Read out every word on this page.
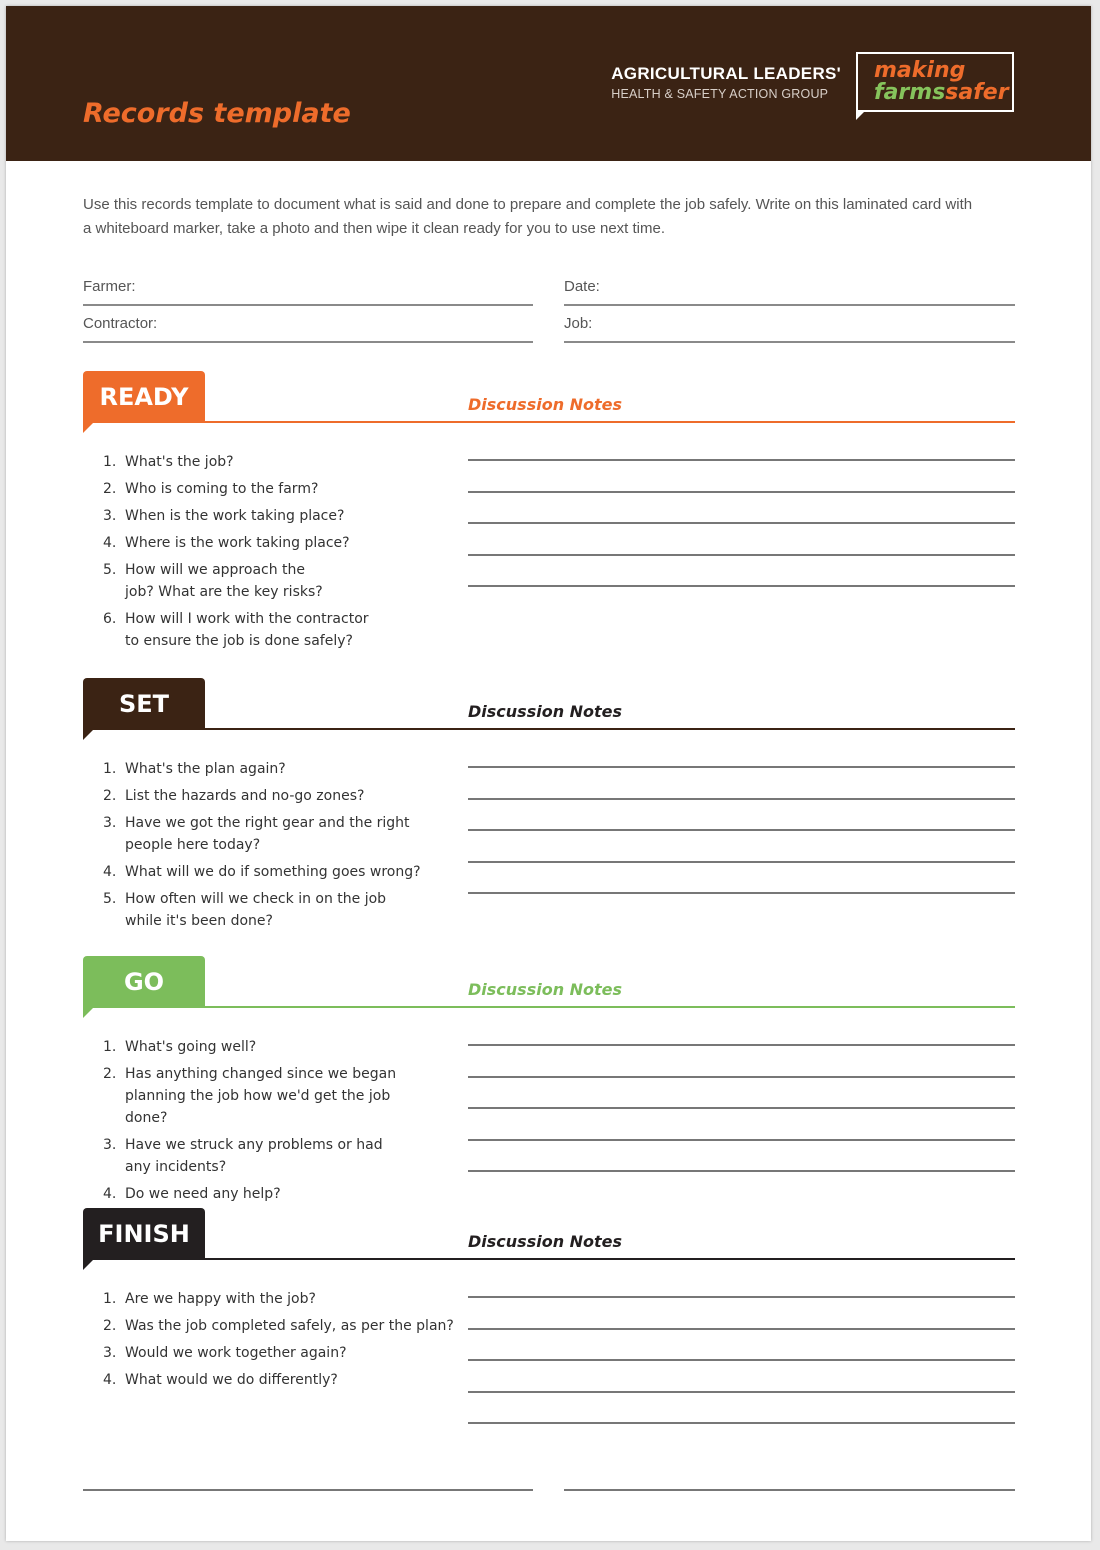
Records template
AGRICULTURAL LEADERS'
HEALTH & SAFETY ACTION GROUP
making
farmssafer
Use this records template to document what is said and done to prepare and complete the job safely. Write on this laminated card with a whiteboard marker, take a photo and then wipe it clean ready for you to use next time.
Farmer:	Date:
Contractor:	Job:
READY	Discussion Notes
1. What's the job?
2. Who is coming to the farm?
3. When is the work taking place?
4. Where is the work taking place?
5. How will we approach the job? What are the key risks?
6. How will I work with the contractor to ensure the job is done safely?
SET	Discussion Notes
1. What's the plan again?
2. List the hazards and no-go zones?
3. Have we got the right gear and the right people here today?
4. What will we do if something goes wrong?
5. How often will we check in on the job while it's been done?
GO	Discussion Notes
1. What's going well?
2. Has anything changed since we began planning the job how we'd get the job done?
3. Have we struck any problems or had any incidents?
4. Do we need any help?
FINISH	Discussion Notes
1. Are we happy with the job?
2. Was the job completed safely, as per the plan?
3. Would we work together again?
4. What would we do differently?
